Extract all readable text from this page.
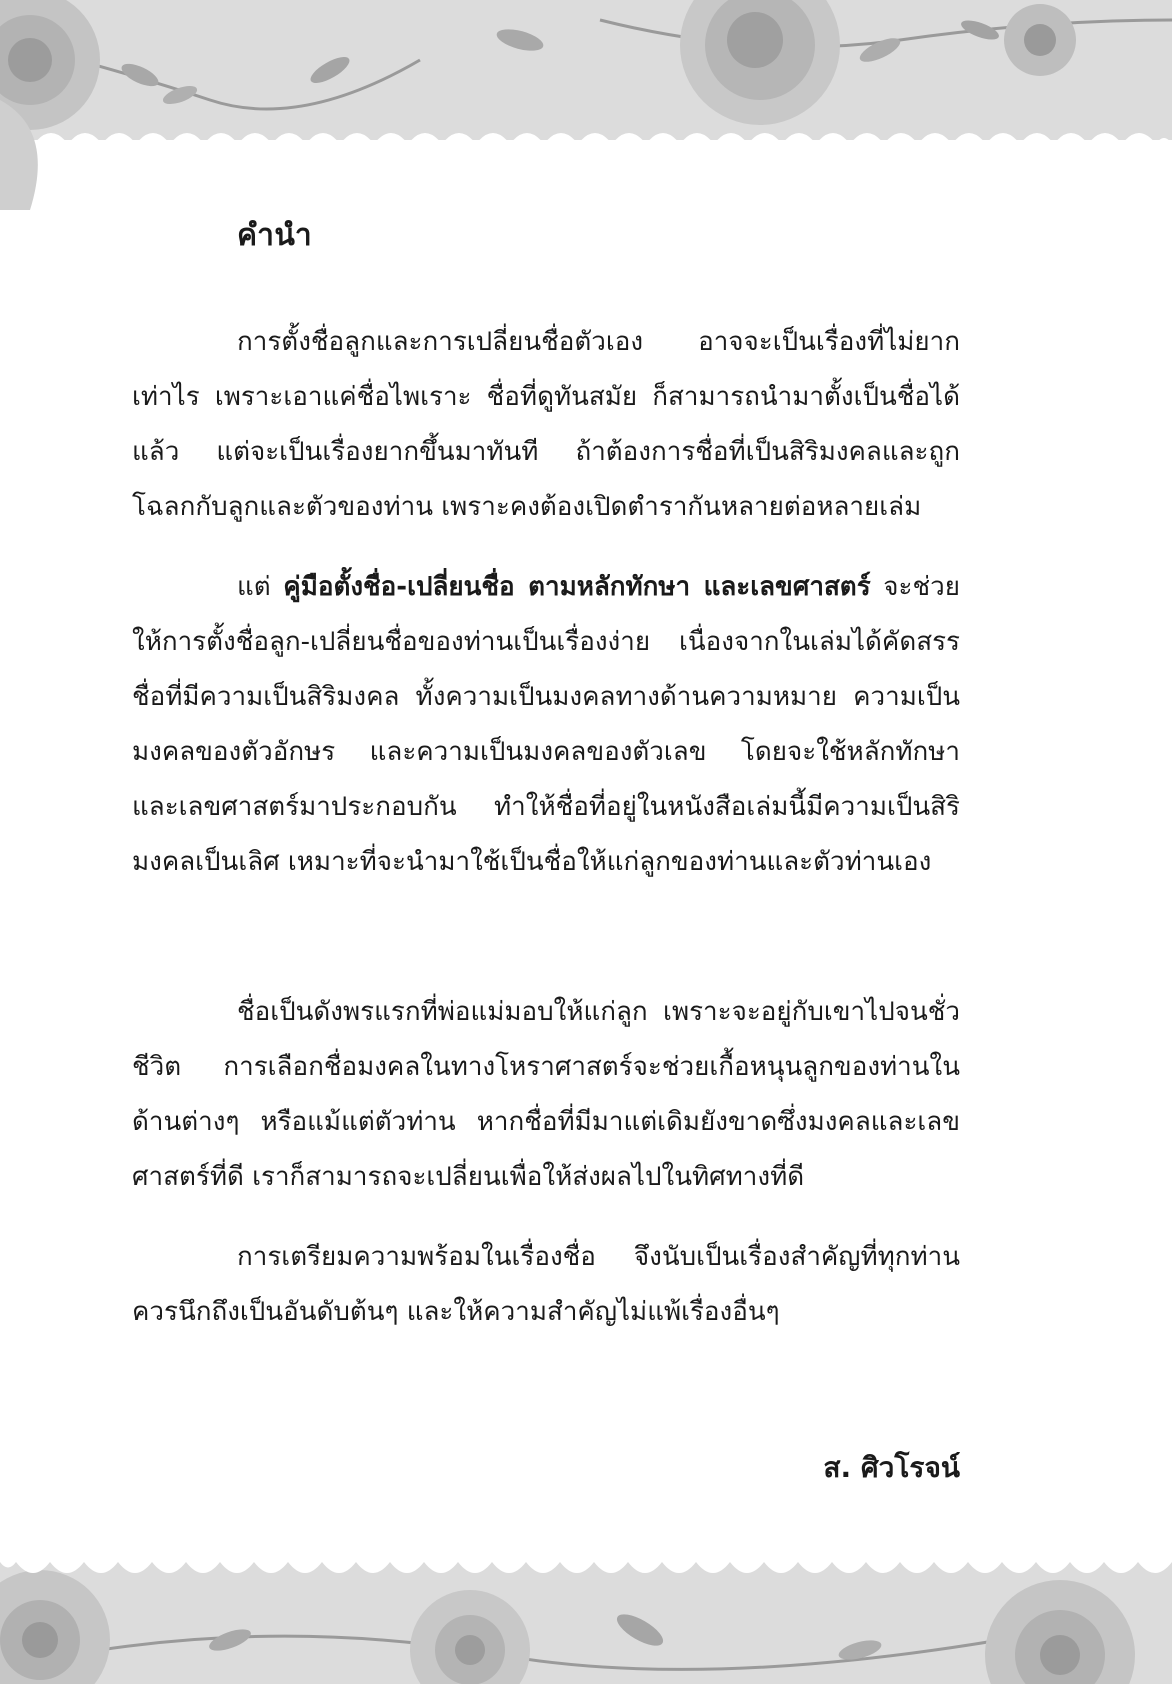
คำนำ

การตั้งชื่อลูกและการเปลี่ยนชื่อตัวเอง อาจจะเป็นเรื่องที่ไม่ยาก เท่าไร เพราะเอาแค่ชื่อไพเราะ ชื่อที่ดูทันสมัย ก็สามารถนำมาตั้งเป็นชื่อได้แล้ว แต่จะเป็นเรื่องยากขึ้นมาทันที ถ้าต้องการชื่อที่เป็นสิริมงคลและถูกโฉลกกับลูกและตัวของท่าน เพราะคงต้องเปิดตำรากันหลายต่อหลายเล่ม

แต่ คู่มือตั้งชื่อ-เปลี่ยนชื่อ ตามหลักทักษา และเลขศาสตร์ จะช่วยให้การตั้งชื่อลูก-เปลี่ยนชื่อของท่านเป็นเรื่องง่าย เนื่องจากในเล่มได้คัดสรรชื่อที่มีความเป็นสิริมงคล ทั้งความเป็นมงคลทางด้านความหมาย ความเป็นมงคลของตัวอักษร และความเป็นมงคลของตัวเลข โดยจะใช้หลักทักษา และเลขศาสตร์มาประกอบกัน ทำให้ชื่อที่อยู่ในหนังสือเล่มนี้มีความเป็นสิริมงคลเป็นเลิศ เหมาะที่จะนำมาใช้เป็นชื่อให้แก่ลูกของท่านและตัวท่านเอง

ชื่อเป็นดังพรแรกที่พ่อแม่มอบให้แก่ลูก เพราะจะอยู่กับเขาไปจนชั่วชีวิต การเลือกชื่อมงคลในทางโหราศาสตร์จะช่วยเกื้อหนุนลูกของท่านในด้านต่างๆ หรือแม้แต่ตัวท่าน หากชื่อที่มีมาแต่เดิมยังขาดซึ่งมงคลและเลขศาสตร์ที่ดี เราก็สามารถจะเปลี่ยนเพื่อให้ส่งผลไปในทิศทางที่ดี

การเตรียมความพร้อมในเรื่องชื่อ จึงนับเป็นเรื่องสำคัญที่ทุกท่านควรนึกถึงเป็นอันดับต้นๆ และให้ความสำคัญไม่แพ้เรื่องอื่นๆ

ส. ศิวโรจน์
